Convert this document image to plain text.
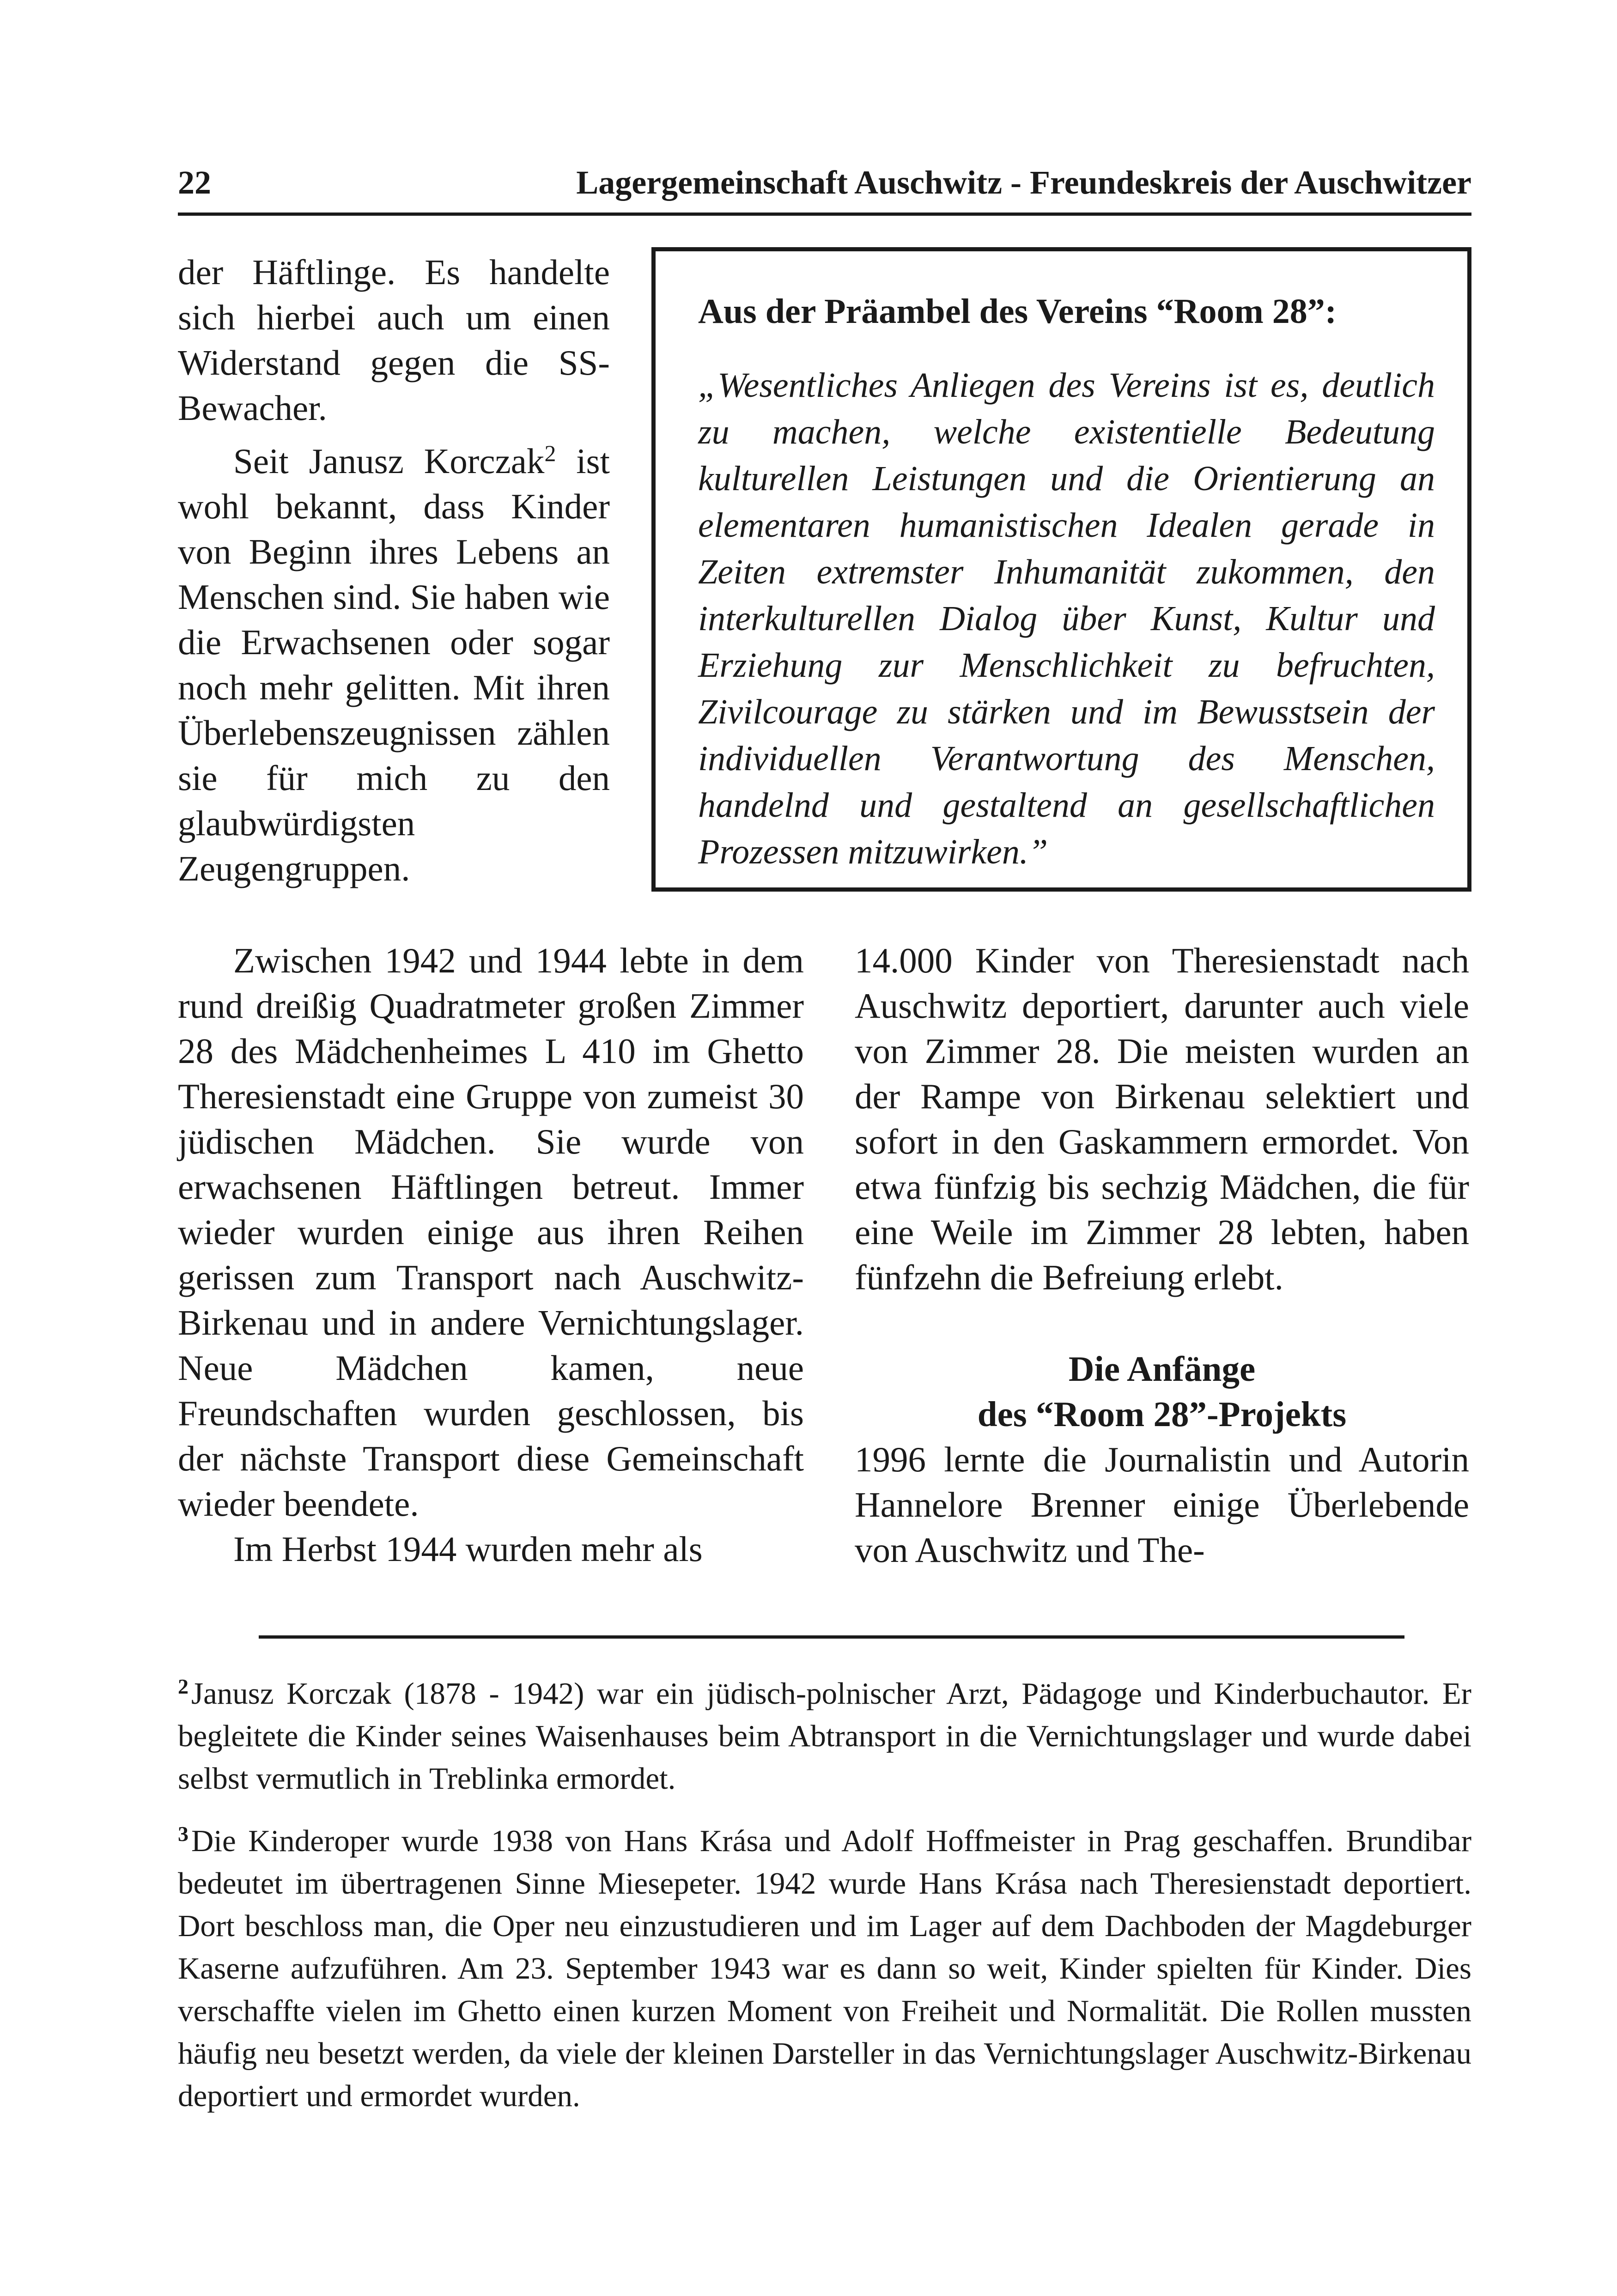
22	Lagergemeinschaft Auschwitz - Freundeskreis der Auschwitzer
Aus der Präambel des Vereins “Room 28”:
„Wesentliches Anliegen des Vereins ist es, deutlich zu machen, welche existentielle Bedeutung kulturellen Leistungen und die Orientierung an elementaren humanistischen Idealen gerade in Zeiten extremster Inhumanität zukommen, den interkulturellen Dialog über Kunst, Kultur und Erziehung zur Menschlichkeit zu befruchten, Zivilcourage zu stärken und im Bewusstsein der individuellen Verantwortung des Menschen, handelnd und gestaltend an gesellschaftlichen Prozessen mitzuwirken.”

der Häftlinge. Es handelte sich hierbei auch um einen Widerstand gegen die SS-Bewacher.

Seit Janusz Korczak$^2$ ist wohl bekannt, dass Kinder von Beginn ihres Lebens an Menschen sind. Sie haben wie die Erwachsenen oder sogar noch mehr gelitten. Mit ihren Überlebenszeugnissen zählen sie für mich zu den glaubwürdigsten Zeugengruppen.

Zwischen 1942 und 1944 lebte in dem rund dreißig Quadratmeter großen Zimmer 28 des Mädchenheimes L 410 im Ghetto Theresienstadt eine Gruppe von zumeist 30 jüdischen Mädchen. Sie wurde von erwachsenen Häftlingen betreut. Immer wieder wurden einige aus ihren Reihen gerissen zum Transport nach Auschwitz-Birkenau und in andere Vernichtungslager. Neue Mädchen kamen, neue Freundschaften wurden geschlossen, bis der nächste Transport diese Gemeinschaft wieder beendete.

Im Herbst 1944 wurden mehr als

14.000 Kinder von Theresienstadt nach Auschwitz deportiert, darunter auch viele von Zimmer 28. Die meisten wurden an der Rampe von Birkenau selektiert und sofort in den Gaskammern ermordet. Von etwa fünfzig bis sechzig Mädchen, die für eine Weile im Zimmer 28 lebten, haben fünfzehn die Befreiung erlebt.

Die Anfänge
des “Room 28”-Projekts

1996 lernte die Journalistin und Autorin Hannelore Brenner einige Überlebende von Auschwitz und The-

$^2$Janusz Korczak (1878 - 1942) war ein jüdisch-polnischer Arzt, Pädagoge und Kinderbuchautor. Er begleitete die Kinder seines Waisenhauses beim Abtransport in die Vernichtungslager und wurde dabei selbst vermutlich in Treblinka ermordet.

$^3$Die Kinderoper wurde 1938 von Hans Krása und Adolf Hoffmeister in Prag geschaffen. Brundibar bedeutet im übertragenen Sinne Miesepeter. 1942 wurde Hans Krása nach Theresienstadt deportiert. Dort beschloss man, die Oper neu einzustudieren und im Lager auf dem Dachboden der Magdeburger Kaserne aufzuführen. Am 23. September 1943 war es dann so weit, Kinder spielten für Kinder. Dies verschaffte vielen im Ghetto einen kurzen Moment von Freiheit und Normalität. Die Rollen mussten häufig neu besetzt werden, da viele der kleinen Darsteller in das Vernichtungslager Auschwitz-Birkenau deportiert und ermordet wurden.
